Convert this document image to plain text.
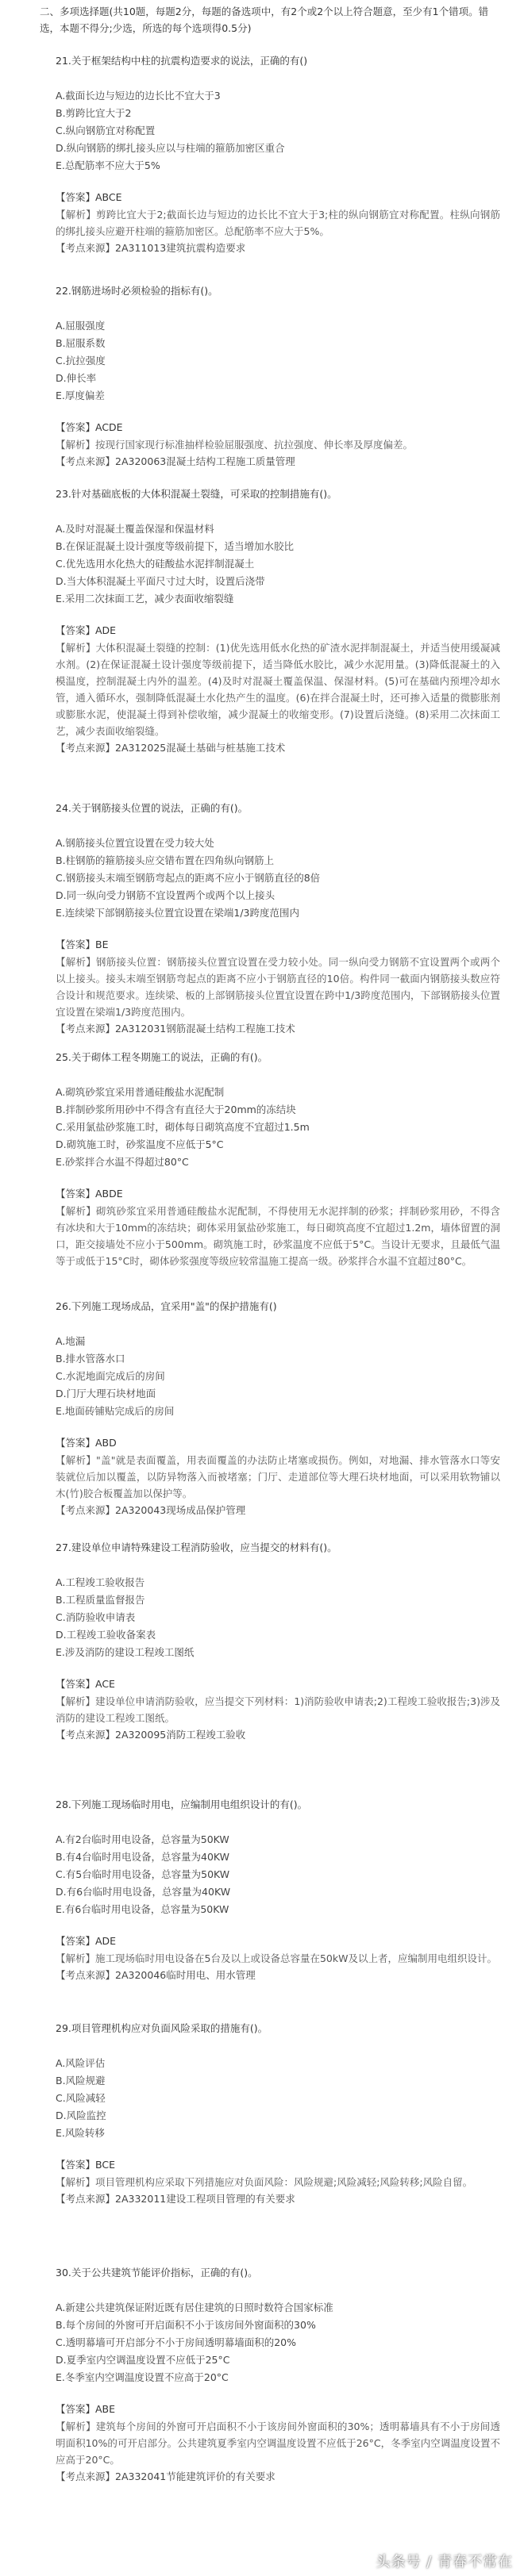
二、多项选择题(共10题，每题2分，每题的备选项中，有2个或2个以上符合题意，至少有1个错项。错选，本题不得分;少选，所选的每个选项得0.5分)
21.关于框架结构中柱的抗震构造要求的说法，正确的有()
A.截面长边与短边的边长比不宜大于3
B.剪跨比宜大于2
C.纵向钢筋宜对称配置
D.纵向钢筋的绑扎接头应以与柱端的箍筋加密区重合
E.总配筋率不应大于5%

【答案】ABCE

【解析】剪跨比宜大于2;截面长边与短边的边长比不宜大于3;柱的纵向钢筋宜对称配置。柱纵向钢筋的绑扎接头应避开柱端的箍筋加密区。总配筋率不应大于5%。

【考点来源】2A311013建筑抗震构造要求

22.钢筋进场时必须检验的指标有()。
A.屈服强度
B.屈服系数
C.抗拉强度
D.伸长率
E.厚度偏差

【答案】ACDE

【解析】按现行国家现行标准抽样检验屈服强度、抗拉强度、伸长率及厚度偏差。

【考点来源】2A320063混凝土结构工程施工质量管理

23.针对基础底板的大体积混凝土裂缝，可采取的控制措施有()。
A.及时对混凝土覆盖保湿和保温材料
B.在保证混凝土设计强度等级前提下，适当增加水胶比
C.优先选用水化热大的硅酸盐水泥拌制混凝土
D.当大体积混凝土平面尺寸过大时，设置后浇带
E.采用二次抹面工艺，减少表面收缩裂缝

【答案】ADE

【解析】大体积混凝土裂缝的控制：(1)优先选用低水化热的矿渣水泥拌制混凝土，并适当使用缓凝减水剂。(2)在保证混凝土设计强度等级前提下，适当降低水胶比，减少水泥用量。(3)降低混凝土的入模温度，控制混凝土内外的温差。(4)及时对混凝土覆盖保温、保湿材料。(5)可在基础内预埋冷却水管，通入循环水，强制降低混凝土水化热产生的温度。(6)在拌合混凝土时，还可掺入适量的微膨胀剂或膨胀水泥，使混凝土得到补偿收缩，减少混凝土的收缩变形。(7)设置后浇缝。(8)采用二次抹面工艺，减少表面收缩裂缝。

【考点来源】2A312025混凝土基础与桩基施工技术

24.关于钢筋接头位置的说法，正确的有()。
A.钢筋接头位置宜设置在受力较大处
B.柱钢筋的箍筋接头应交错布置在四角纵向钢筋上
C.钢筋接头末端至钢筋弯起点的距离不应小于钢筋直径的8倍
D.同一纵向受力钢筋不宜设置两个或两个以上接头
E.连续梁下部钢筋接头位置宜设置在梁端1/3跨度范围内

【答案】BE

【解析】钢筋接头位置：钢筋接头位置宜设置在受力较小处。同一纵向受力钢筋不宜设置两个或两个以上接头。接头末端至钢筋弯起点的距离不应小于钢筋直径的10倍。构件同一截面内钢筋接头数应符合设计和规范要求。连续梁、板的上部钢筋接头位置宜设置在跨中1/3跨度范围内，下部钢筋接头位置宜设置在梁端1/3跨度范围内。

【考点来源】2A312031钢筋混凝土结构工程施工技术

25.关于砌体工程冬期施工的说法，正确的有()。
A.砌筑砂浆宜采用普通硅酸盐水泥配制
B.拌制砂浆所用砂中不得含有直径大于20mm的冻结块
C.采用氯盐砂浆施工时，砌体每日砌筑高度不宜超过1.5m
D.砌筑施工时，砂浆温度不应低于5°C
E.砂浆拌合水温不得超过80°C

【答案】ABDE

【解析】砌筑砂浆宜采用普通硅酸盐水泥配制，不得使用无水泥拌制的砂浆；拌制砂浆用砂，不得含有冰块和大于10mm的冻结块；砌体采用氯盐砂浆施工，每日砌筑高度不宜超过1.2m，墙体留置的洞口，距交接墙处不应小于500mm。砌筑施工时，砂浆温度不应低于5°C。当设计无要求，且最低气温等于或低于15°C时，砌体砂浆强度等级应较常温施工提高一级。砂浆拌合水温不宜超过80°C。

26.下列施工现场成品，宜采用"盖"的保护措施有()
A.地漏
B.排水管落水口
C.水泥地面完成后的房间
D.门厅大理石块材地面
E.地面砖铺贴完成后的房间

【答案】ABD

【解析】"盖"就是表面覆盖，用表面覆盖的办法防止堵塞或损伤。例如，对地漏、排水管落水口等安装就位后加以覆盖，以防异物落入而被堵塞；门厅、走道部位等大理石块材地面，可以采用软物铺以木(竹)胶合板覆盖加以保护等。

【考点来源】2A320043现场成品保护管理

27.建设单位申请特殊建设工程消防验收，应当提交的材料有()。
A.工程竣工验收报告
B.工程质量监督报告
C.消防验收申请表
D.工程竣工验收备案表
E.涉及消防的建设工程竣工图纸

【答案】ACE

【解析】建设单位申请消防验收，应当提交下列材料：1)消防验收申请表;2)工程竣工验收报告;3)涉及消防的建设工程竣工图纸。

【考点来源】2A320095消防工程竣工验收

28.下列施工现场临时用电，应编制用电组织设计的有()。
A.有2台临时用电设备，总容量为50KW
B.有4台临时用电设备，总容量为40KW
C.有5台临时用电设备，总容量为50KW
D.有6台临时用电设备，总容量为40KW
E.有6台临时用电设备，总容量为50KW

【答案】ADE

【解析】施工现场临时用电设备在5台及以上或设备总容量在50kW及以上者，应编制用电组织设计。

【考点来源】2A320046临时用电、用水管理

29.项目管理机构应对负面风险采取的措施有()。
A.风险评估
B.风险规避
C.风险减轻
D.风险监控
E.风险转移

【答案】BCE

【解析】项目管理机构应采取下列措施应对负面风险：风险规避;风险减轻;风险转移;风险自留。

【考点来源】2A332011建设工程项目管理的有关要求

30.关于公共建筑节能评价指标，正确的有()。
A.新建公共建筑保证附近既有居住建筑的日照时数符合国家标准
B.每个房间的外窗可开启面积不小于该房间外窗面积的30%
C.透明幕墙可开启部分不小于房间透明幕墙面积的20%
D.夏季室内空调温度设置不应低于25°C
E.冬季室内空调温度设置不应高于20°C

【答案】ABE

【解析】建筑每个房间的外窗可开启面积不小于该房间外窗面积的30%；透明幕墙具有不小于房间透明面积10%的可开启部分。公共建筑夏季室内空调温度设置不应低于26°C，冬季室内空调温度设置不应高于20°C。

【考点来源】2A332041节能建筑评价的有关要求

头条号 / 青春不常在
